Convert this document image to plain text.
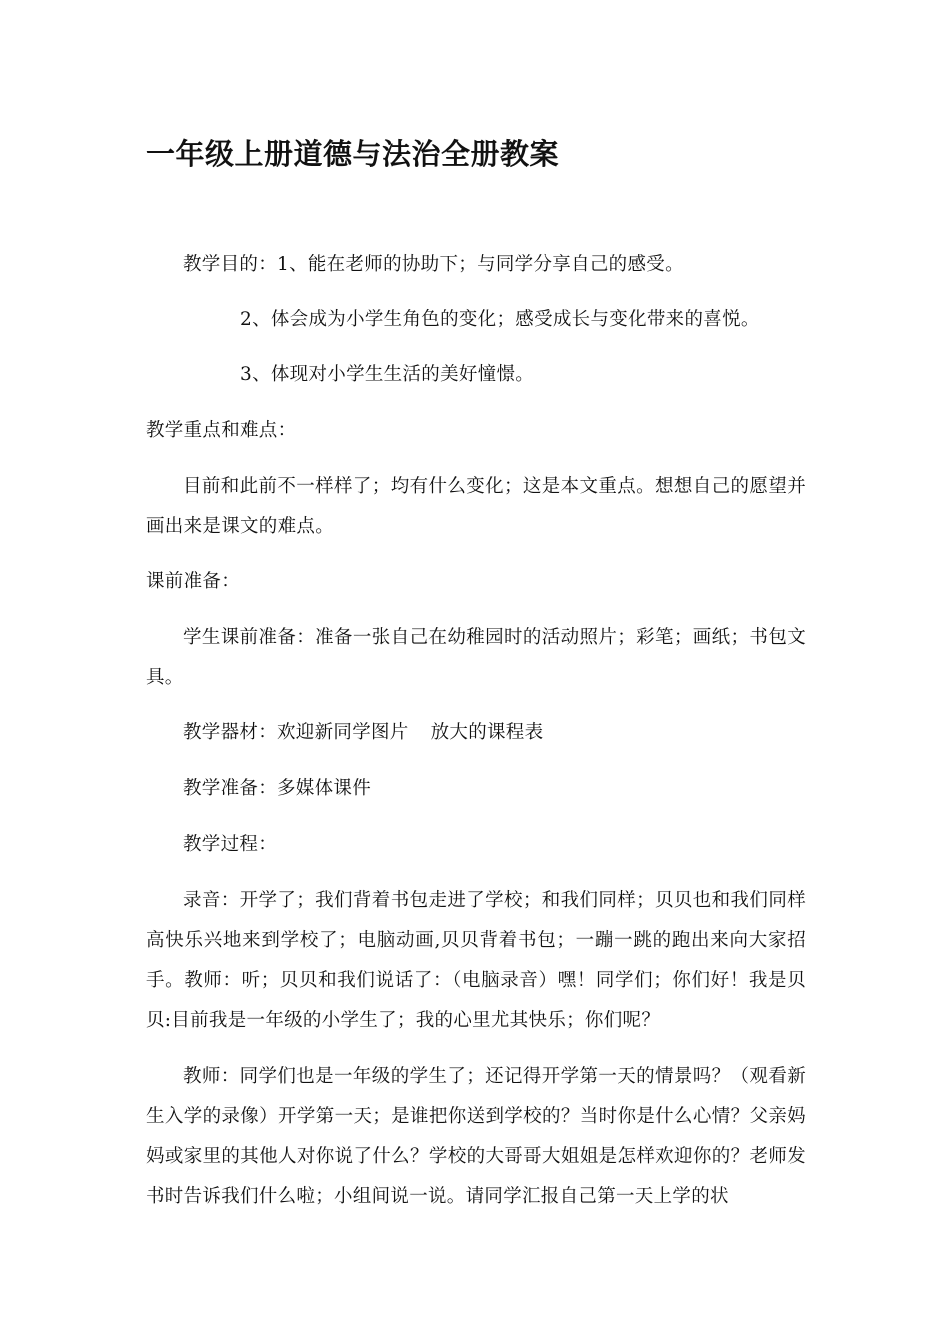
一年级上册道德与法治全册教案
教学目的：1、能在老师的协助下；与同学分享自己的感受。
2、体会成为小学生角色的变化；感受成长与变化带来的喜悦。
3、体现对小学生生活的美好憧憬。
教学重点和难点：
目前和此前不一样样了；均有什么变化；这是本文重点。想想自己的愿望并画出来是课文的难点。
课前准备：
学生课前准备：准备一张自己在幼稚园时的活动照片；彩笔；画纸；书包文具。
教学器材：欢迎新同学图片 放大的课程表
教学准备：多媒体课件
教学过程：
录音：开学了；我们背着书包走进了学校；和我们同样；贝贝也和我们同样高快乐兴地来到学校了；电脑动画,贝贝背着书包；一蹦一跳的跑出来向大家招手。教师：听；贝贝和我们说话了：（电脑录音）嘿！同学们；你们好！我是贝贝:目前我是一年级的小学生了；我的心里尤其快乐；你们呢？
教师：同学们也是一年级的学生了；还记得开学第一天的情景吗？（观看新生入学的录像）开学第一天；是谁把你送到学校的？当时你是什么心情？父亲妈妈或家里的其他人对你说了什么？学校的大哥哥大姐姐是怎样欢迎你的？老师发书时告诉我们什么啦；小组间说一说。请同学汇报自己第一天上学的状
